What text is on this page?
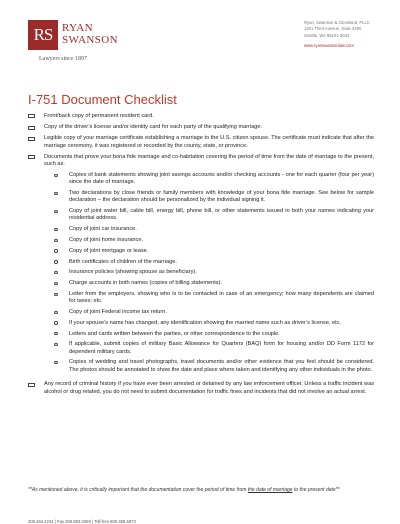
RS RYAN
SWANSON
Lawyers since 1897
Ryan, Swanson & Cleveland, PLLC
1201 Third Avenue, Suite 3400
Seattle, WA 98101-3034
www.ryanswansonlaw.com
I-751 Document Checklist
Front/back copy of permanent resident card.
Copy of the driver’s license and/or identity card for each party of the qualifying marriage.
Legible copy of your marriage certificate establishing a marriage to the U.S. citizen spouse. The certificate must indicate that after the marriage ceremony, it was registered or recorded by the county, state, or province.
Documents that prove your bona fide marriage and co-habitation covering the period of time from the date of marriage to the present, such as:
Copies of bank statements showing joint savings accounts and/or checking accounts - one for each quarter (four per year) since the date of marriage.
Two declarations by close friends or family members with knowledge of your bona fide marriage. See below for sample declaration – the declaration should be personalized by the individual signing it.
Copy of joint water bill, cable bill, energy bill, phone bill, or other statements issued in both your names indicating your residential address.
Copy of joint car insurance.
Copy of joint home insurance.
Copy of joint mortgage or lease.
Birth certificates of children of the marriage.
Insurance policies (showing spouse as beneficiary).
Charge accounts in both names (copies of billing statements).
Letter from the employers, showing who is to be contacted in case of an emergency; how many dependents are claimed for taxes; etc.
Copy of joint Federal income tax return.
If your spouse’s name has changed, any identification showing the married name such as driver’s license, etc.
Letters and cards written between the parties, or other correspondence to the couple.
If applicable, submit copies of military Basic Allowance for Quarters (BAQ) form for housing and/or DD Form 1172 for dependent military cards.
Copies of wedding and travel photographs, travel documents and/or other evidence that you feel should be considered. The photos should be annotated to show the date and place where taken and identifying any other individuals in the photo.
Any record of criminal history if you have ever been arrested or detained by any law enforcement officer. Unless a traffic incident was alcohol or drug related, you do not need to submit documentation for traffic fines and incidents that did not involve an actual arrest.
**As mentioned above, it is critically important that the documentation cover the period of time from the date of marriage to the present date**
206.464.4224 | Fax 206.583.0359 | Toll-free 800.458.5973
